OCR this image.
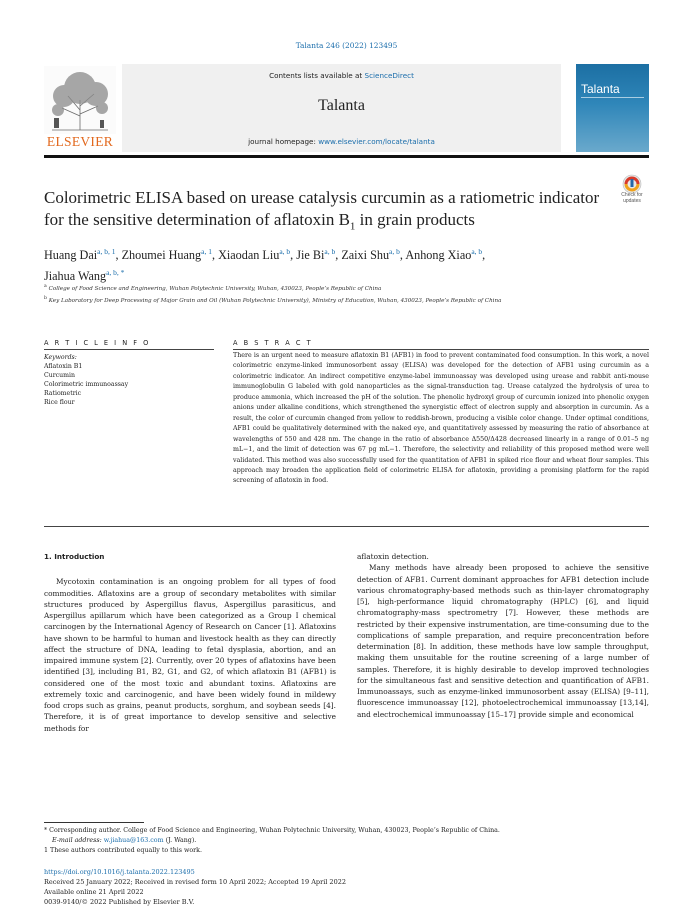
Talanta 246 (2022) 123495
ELSEVIER
Contents lists available at ScienceDirect
Talanta
journal homepage: www.elsevier.com/locate/talanta
Talanta
Check for
updates
Colorimetric ELISA based on urease catalysis curcumin as a ratiometric indicator for the sensitive determination of aflatoxin $B_1$ in grain products
Huang Dai$^{a, b, 1}$, Zhoumei Huang$^{a, 1}$, Xiaodan Liu$^{a, b}$, Jie Bi$^{a, b}$, Zaixi Shu$^{a, b}$, Anhong Xiao$^{a, b}$,
Jiahua Wang$^{a, b, *}$
$^a$ College of Food Science and Engineering, Wuhan Polytechnic University, Wuhan, 430023, People’s Republic of China
$^b$ Key Laboratory for Deep Processing of Major Grain and Oil (Wuhan Polytechnic University), Ministry of Education, Wuhan, 430023, People’s Republic of China
A R T I C L E I N F O	A B S T R A C T
Keywords:
Aflatoxin B1
Curcumin
Colorimetric immunoassay
Ratiometric
Rice flour
There is an urgent need to measure aflatoxin B1 (AFB1) in food to prevent contaminated food consumption. In this work, a novel colorimetric enzyme-linked immunosorbent assay (ELISA) was developed for the detection of AFB1 using curcumin as a colorimetric indicator. An indirect competitive enzyme-label immunoassay was developed using urease and rabbit anti-mouse immunoglobulin G labeled with gold nanoparticles as the signal-transduction tag. Urease catalyzed the hydrolysis of urea to produce ammonia, which increased the pH of the solution. The phenolic hydroxyl group of curcumin ionized into phenolic oxygen anions under alkaline conditions, which strengthened the synergistic effect of electron supply and absorption in curcumin. As a result, the color of curcumin changed from yellow to reddish-brown, producing a visible color change. Under optimal conditions, AFB1 could be qualitatively determined with the naked eye, and quantitatively assessed by measuring the ratio of absorbance at wavelengths of 550 and 428 nm. The change in the ratio of absorbance Δ550/Δ428 decreased linearly in a range of 0.01–5 ng mL−1, and the limit of detection was 67 pg mL−1. Therefore, the selectivity and reliability of this proposed method were well validated. This method was also successfully used for the quantitation of AFB1 in spiked rice flour and wheat flour samples. This approach may broaden the application field of colorimetric ELISA for aflatoxin, providing a promising platform for the rapid screening of aflatoxin in food.
1. Introduction

Mycotoxin contamination is an ongoing problem for all types of food commodities. Aflatoxins are a group of secondary metabolites with similar structures produced by Aspergillus flavus, Aspergillus parasiticus, and Aspergillus apillarum which have been categorized as a Group I chemical carcinogen by the International Agency of Research on Cancer [1]. Aflatoxins have shown to be harmful to human and livestock health as they can directly affect the structure of DNA, leading to fetal dysplasia, abortion, and an impaired immune system [2]. Currently, over 20 types of aflatoxins have been identified [3], including B1, B2, G1, and G2, of which aflatoxin B1 (AFB1) is considered one of the most toxic and abundant toxins. Aflatoxins are extremely toxic and carcinogenic, and have been widely found in mildewy food crops such as grains, peanut products, sorghum, and soybean seeds [4]. Therefore, it is of great importance to develop sensitive and selective methods for

aflatoxin detection.

Many methods have already been proposed to achieve the sensitive detection of AFB1. Current dominant approaches for AFB1 detection include various chromatography-based methods such as thin-layer chromatography [5], high-performance liquid chromatography (HPLC) [6], and liquid chromatography-mass spectrometry [7]. However, these methods are restricted by their expensive instrumentation, are time-consuming due to the complications of sample preparation, and require preconcentration before determination [8]. In addition, these methods have low sample throughput, making them unsuitable for the routine screening of a large number of samples. Therefore, it is highly desirable to develop improved technologies for the simultaneous fast and sensitive detection and quantification of AFB1. Immunoassays, such as enzyme-linked immunosorbent assay (ELISA) [9–11], fluorescence immunoassay [12], photoelectrochemical immunoassay [13,14], and electrochemical immunoassay [15–17] provide simple and economical

* Corresponding author. College of Food Science and Engineering, Wuhan Polytechnic University, Wuhan, 430023, People’s Republic of China.
E-mail address: w.jiahua@163.com (J. Wang).
1 These authors contributed equally to this work.
https://doi.org/10.1016/j.talanta.2022.123495
Received 25 January 2022; Received in revised form 10 April 2022; Accepted 19 April 2022
Available online 21 April 2022
0039-9140/© 2022 Published by Elsevier B.V.
